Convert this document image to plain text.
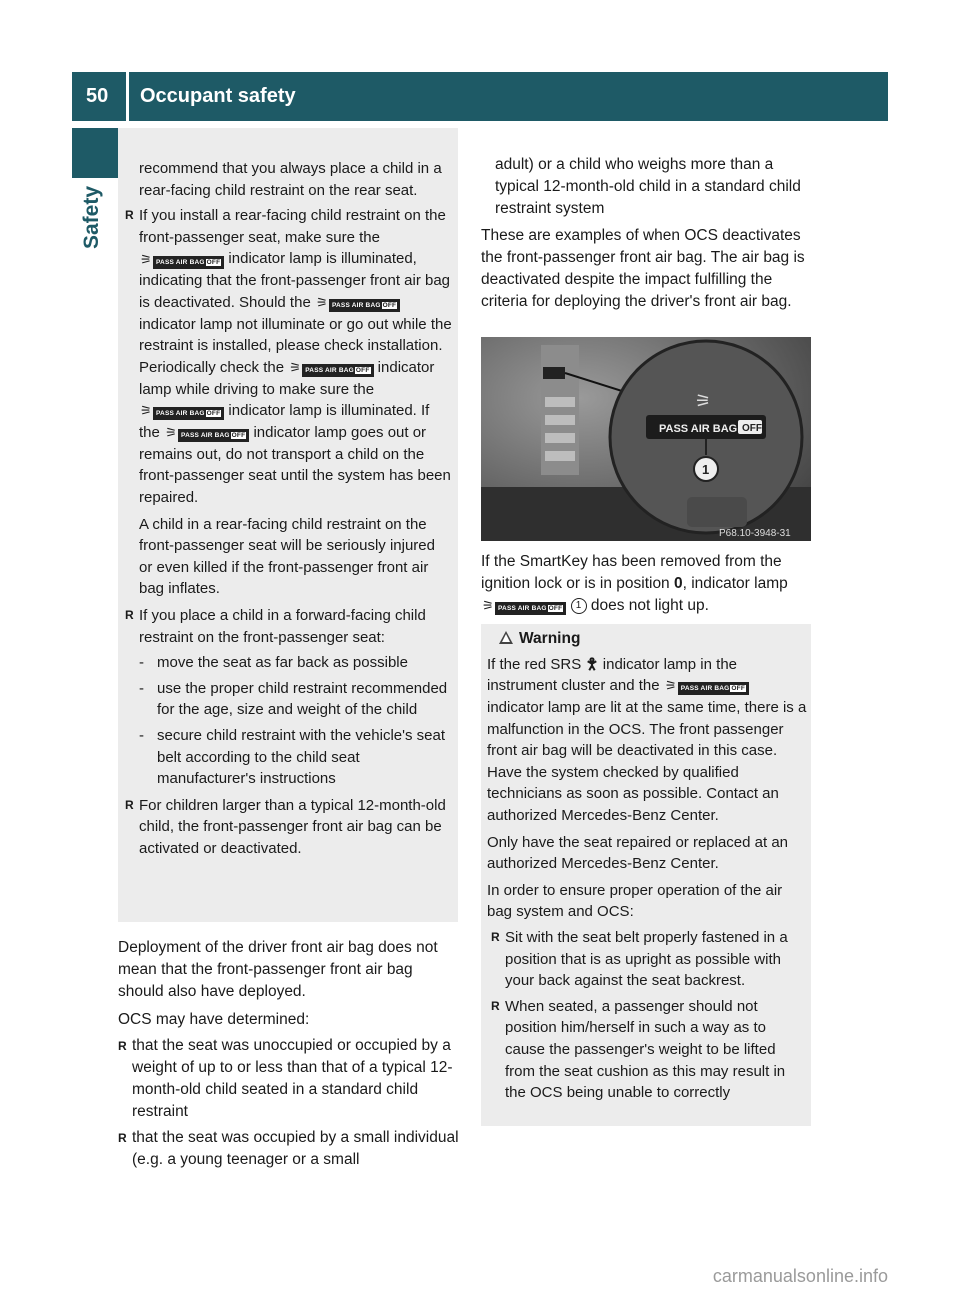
50	Occupant safety
Safety

recommend that you always place a child in a rear-facing child restraint on the rear seat.

R If you install a rear-facing child restraint on the front-passenger seat, make sure the ⚞ PASS AIR BAG OFF indicator lamp is illuminated, indicating that the front-passenger front air bag is deactivated. Should the ⚞ PASS AIR BAG OFF indicator lamp not illuminate or go out while the restraint is installed, please check installation. Periodically check the ⚞ PASS AIR BAG OFF indicator lamp while driving to make sure the ⚞ PASS AIR BAG OFF indicator lamp is illuminated. If the ⚞ PASS AIR BAG OFF indicator lamp goes out or remains out, do not transport a child on the front-passenger seat until the system has been repaired.

A child in a rear-facing child restraint on the front-passenger seat will be seriously injured or even killed if the front-passenger front air bag inflates.

R If you place a child in a forward-facing child restraint on the front-passenger seat:

- move the seat as far back as possible

- use the proper child restraint recommended for the age, size and weight of the child

- secure child restraint with the vehicle's seat belt according to the child seat manufacturer's instructions

R For children larger than a typical 12-month-old child, the front-passenger front air bag can be activated or deactivated.

Deployment of the driver front air bag does not mean that the front-passenger front air bag should also have deployed.

OCS may have determined:

R that the seat was unoccupied or occupied by a weight of up to or less than that of a typical 12-month-old child seated in a standard child restraint

R that the seat was occupied by a small individual (e.g. a young teenager or a small

adult) or a child who weighs more than a typical 12-month-old child in a standard child restraint system

These are examples of when OCS deactivates the front-passenger front air bag. The air bag is deactivated despite the impact fulfilling the criteria for deploying the driver's front air bag.

PASS AIR BAG OFF
⚞
1
P68.10-3948-31

If the SmartKey has been removed from the ignition lock or is in position 0, indicator lamp ⚞ PASS AIR BAG OFF 1 does not light up.

Warning

If the red SRS 🯆 indicator lamp in the instrument cluster and the ⚞ PASS AIR BAG OFF indicator lamp are lit at the same time, there is a malfunction in the OCS. The front passenger front air bag will be deactivated in this case. Have the system checked by qualified technicians as soon as possible. Contact an authorized Mercedes-Benz Center.

Only have the seat repaired or replaced at an authorized Mercedes-Benz Center.

In order to ensure proper operation of the air bag system and OCS:

R Sit with the seat belt properly fastened in a position that is as upright as possible with your back against the seat backrest.

R When seated, a passenger should not position him/herself in such a way as to cause the passenger's weight to be lifted from the seat cushion as this may result in the OCS being unable to correctly

carmanualsonline.info
